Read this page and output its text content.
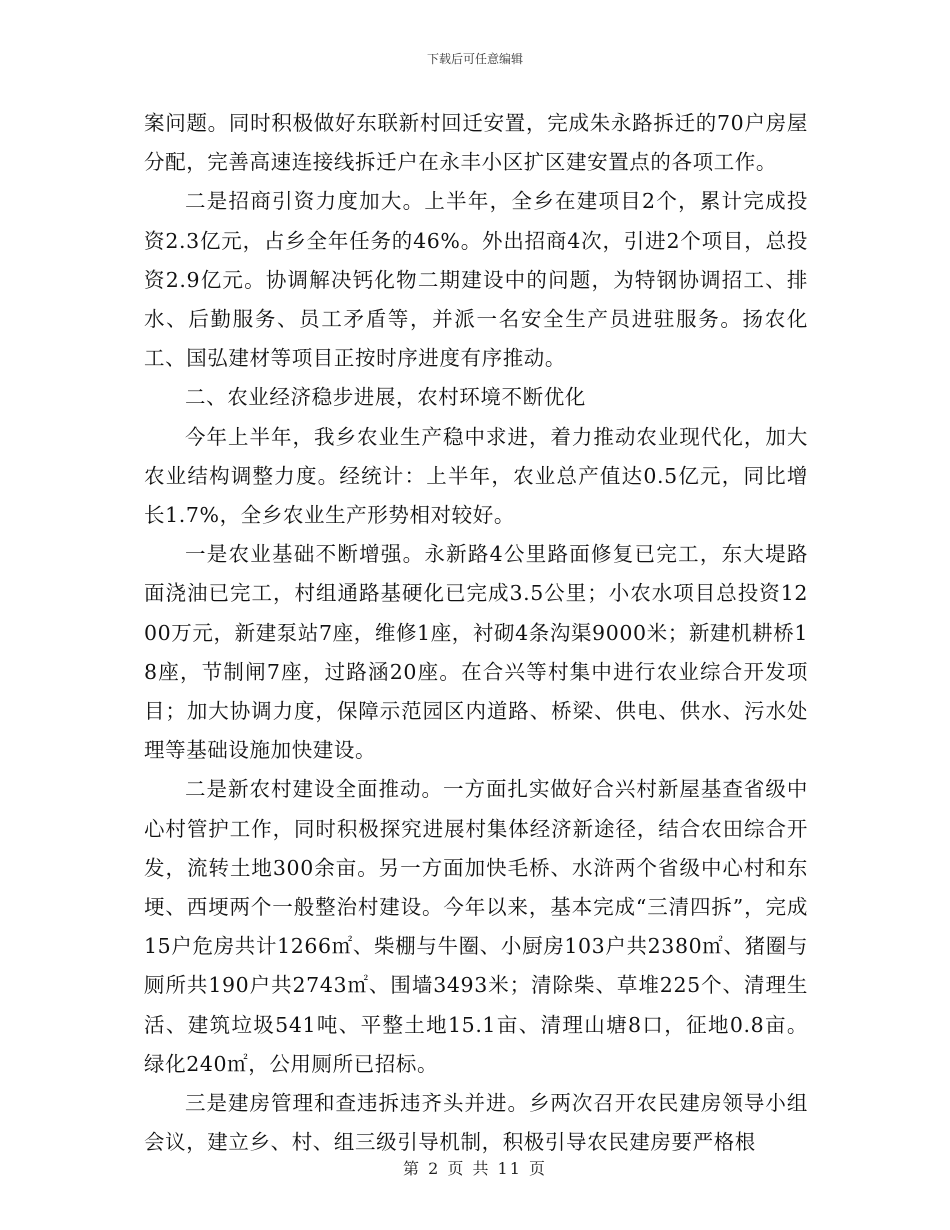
下载后可任意编辑

案问题。同时积极做好东联新村回迁安置，完成朱永路拆迁的70户房屋分配，完善高速连接线拆迁户在永丰小区扩区建安置点的各项工作。

二是招商引资力度加大。上半年，全乡在建项目2个，累计完成投资2.3亿元，占乡全年任务的46%。外出招商4次，引进2个项目，总投资2.9亿元。协调解决钙化物二期建设中的问题，为特钢协调招工、排水、后勤服务、员工矛盾等，并派一名安全生产员进驻服务。扬农化工、国弘建材等项目正按时序进度有序推动。

二、农业经济稳步进展，农村环境不断优化

今年上半年，我乡农业生产稳中求进，着力推动农业现代化，加大农业结构调整力度。经统计：上半年，农业总产值达0.5亿元，同比增长1.7%，全乡农业生产形势相对较好。

一是农业基础不断增强。永新路4公里路面修复已完工，东大堤路面浇油已完工，村组通路基硬化已完成3.5公里；小农水项目总投资1200万元，新建泵站7座，维修1座，衬砌4条沟渠9000米；新建机耕桥18座，节制闸7座，过路涵20座。在合兴等村集中进行农业综合开发项目；加大协调力度，保障示范园区内道路、桥梁、供电、供水、污水处理等基础设施加快建设。

二是新农村建设全面推动。一方面扎实做好合兴村新屋基查省级中心村管护工作，同时积极探究进展村集体经济新途径，结合农田综合开发，流转土地300余亩。另一方面加快毛桥、水浒两个省级中心村和东埂、西埂两个一般整治村建设。今年以来，基本完成“三清四拆”，完成15户危房共计1266㎡、柴棚与牛圈、小厨房103户共2380㎡、猪圈与厕所共190户共2743㎡、围墙3493米；清除柴、草堆225个、清理生活、建筑垃圾541吨、平整土地15.1亩、清理山塘8口，征地0.8亩。绿化240㎡，公用厕所已招标。

三是建房管理和查违拆违齐头并进。乡两次召开农民建房领导小组会议，建立乡、村、组三级引导机制，积极引导农民建房要严格根

第 2 页 共 11 页
